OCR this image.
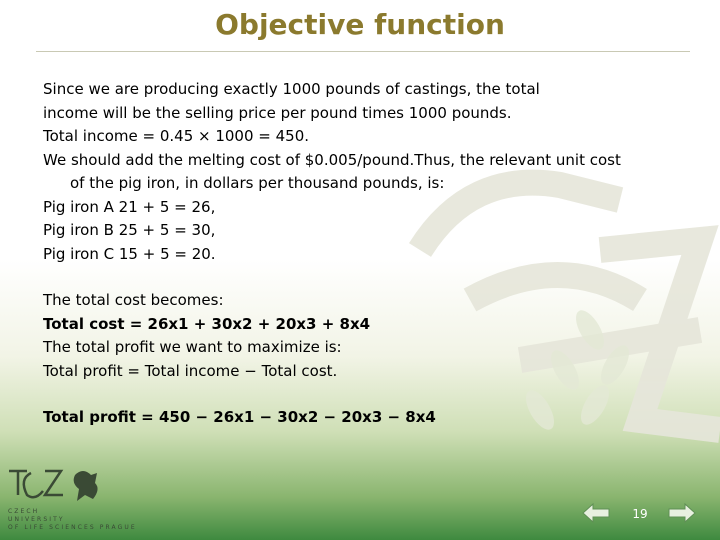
Objective function
Since we are producing exactly 1000 pounds of castings, the total
income will be the selling price per pound times 1000 pounds.
Total income = 0.45 × 1000 = 450.
We should add the melting cost of $0.005/pound.Thus, the relevant unit cost
of the pig iron, in dollars per thousand pounds, is:
Pig iron A 21 + 5 = 26,
Pig iron B 25 + 5 = 30,
Pig iron C 15 + 5 = 20.
The total cost becomes:
Total cost = 26x1 + 30x2 + 20x3 + 8x4
The total profit we want to maximize is:
Total profit = Total income − Total cost.
Total profit = 450 − 26x1 − 30x2 − 20x3 − 8x4
CZECH
UNIVERSITY
OF LIFE SCIENCES PRAGUE
19
